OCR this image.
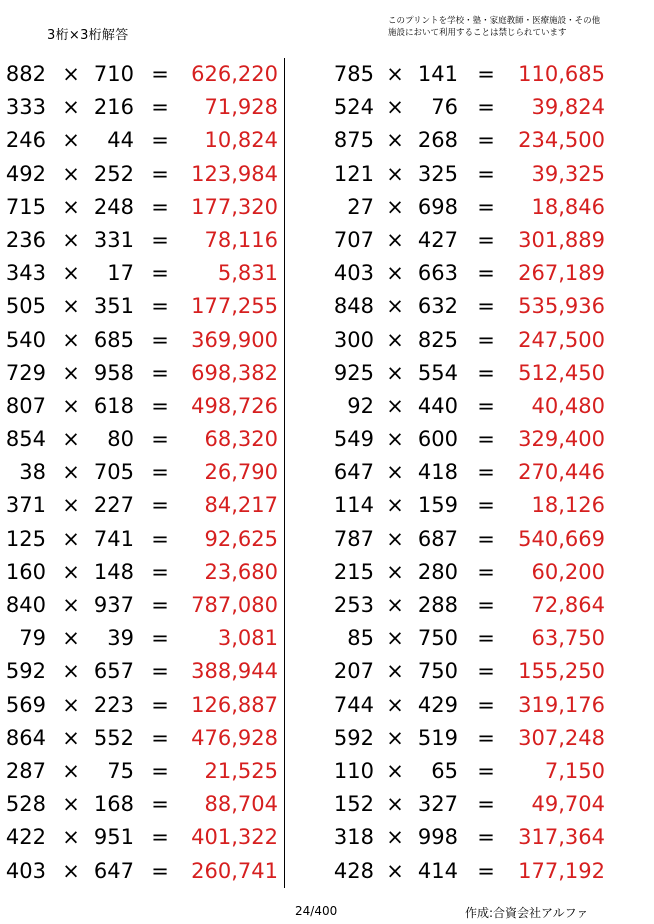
3桁×3桁解答
このプリントを学校・塾・家庭教師・医療施設・その他
施設において利用することは禁じられています
882 × 710 = 626,220
333 × 216 =	71,928
246 ×	44 =	10,824
492 × 252 = 123,984
715 × 248 = 177,320
236 × 331 =	78,116
343 ×	17 =	5,831
505 × 351 = 177,255
540 × 685 = 369,900
729 × 958 = 698,382
807 × 618 = 498,726
854 ×	80 =	68,320
38 × 705 =	26,790
371 × 227 =	84,217
125 × 741 =	92,625
160 × 148 =	23,680
840 × 937 = 787,080
79 ×	39 =	3,081
592 × 657 = 388,944
569 × 223 = 126,887
864 × 552 = 476,928
287 ×	75 =	21,525
528 × 168 =	88,704
422 × 951 = 401,322
403 × 647 = 260,741
785 × 141 =	110,685
524 ×	76 =	39,824
875 × 268 =	234,500
121 × 325 =	39,325
27 × 698 =	18,846
707 × 427 =	301,889
403 × 663 =	267,189
848 × 632 =	535,936
300 × 825 =	247,500
925 × 554 =	512,450
92 × 440 =	40,480
549 × 600 =	329,400
647 × 418 =	270,446
114 × 159 =	18,126
787 × 687 =	540,669
215 × 280 =	60,200
253 × 288 =	72,864
85 × 750 =	63,750
207 × 750 =	155,250
744 × 429 =	319,176
592 × 519 =	307,248
110 ×	65 =	7,150
152 × 327 =	49,704
318 × 998 =	317,364
428 × 414 =	177,192
24/400	作成:合資会社アルファ
